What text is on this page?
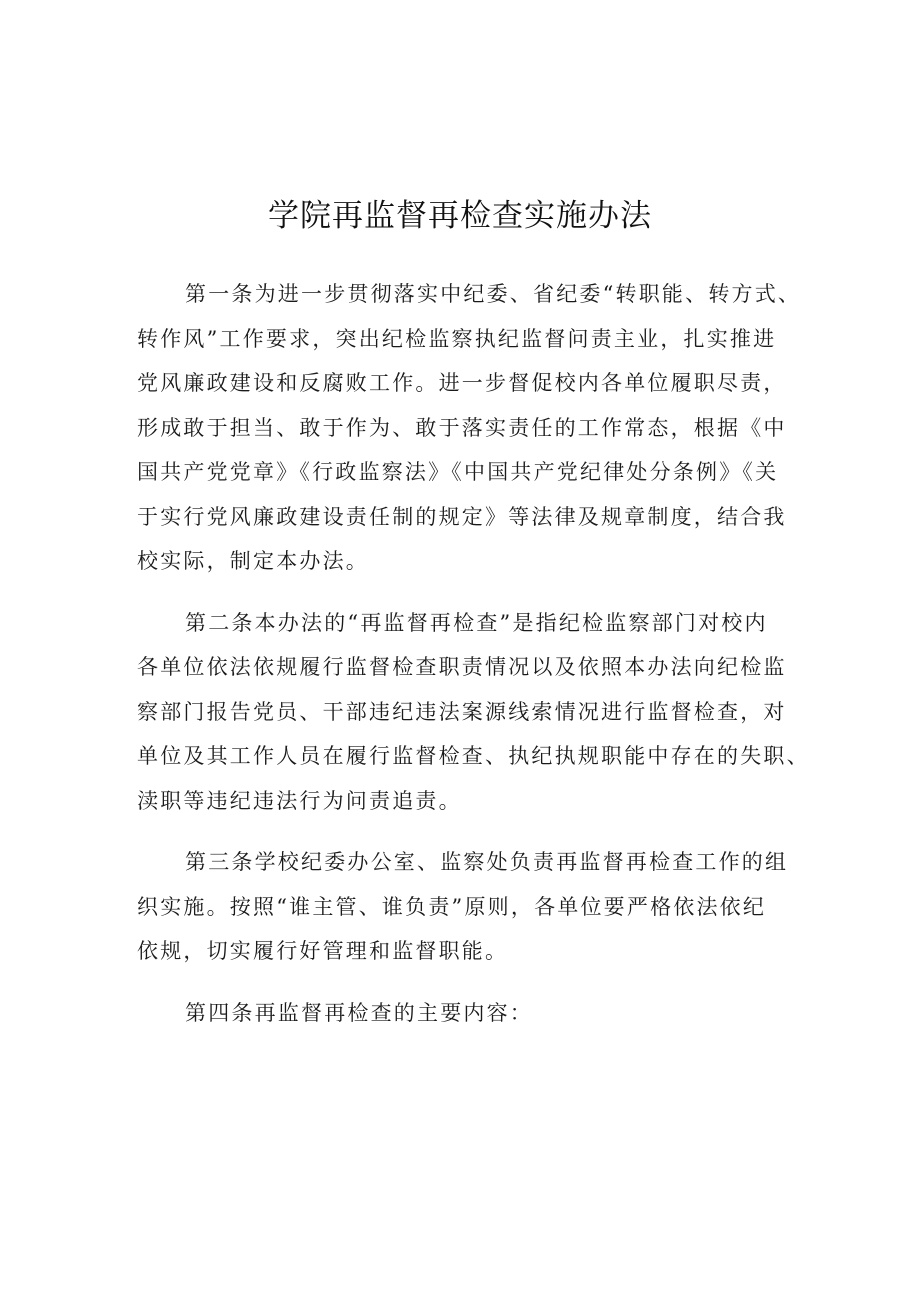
学院再监督再检查实施办法

第一条为进一步贯彻落实中纪委、省纪委“转职能、转方式、
转作风”工作要求，突出纪检监察执纪监督问责主业，扎实推进
党风廉政建设和反腐败工作。进一步督促校内各单位履职尽责，
形成敢于担当、敢于作为、敢于落实责任的工作常态，根据《中
国共产党党章》《行政监察法》《中国共产党纪律处分条例》《关
于实行党风廉政建设责任制的规定》等法律及规章制度，结合我
校实际，制定本办法。

第二条本办法的“再监督再检查”是指纪检监察部门对校内
各单位依法依规履行监督检查职责情况以及依照本办法向纪检监
察部门报告党员、干部违纪违法案源线索情况进行监督检查，对
单位及其工作人员在履行监督检查、执纪执规职能中存在的失职、
渎职等违纪违法行为问责追责。

第三条学校纪委办公室、监察处负责再监督再检查工作的组
织实施。按照“谁主管、谁负责”原则，各单位要严格依法依纪
依规，切实履行好管理和监督职能。

第四条再监督再检查的主要内容：
